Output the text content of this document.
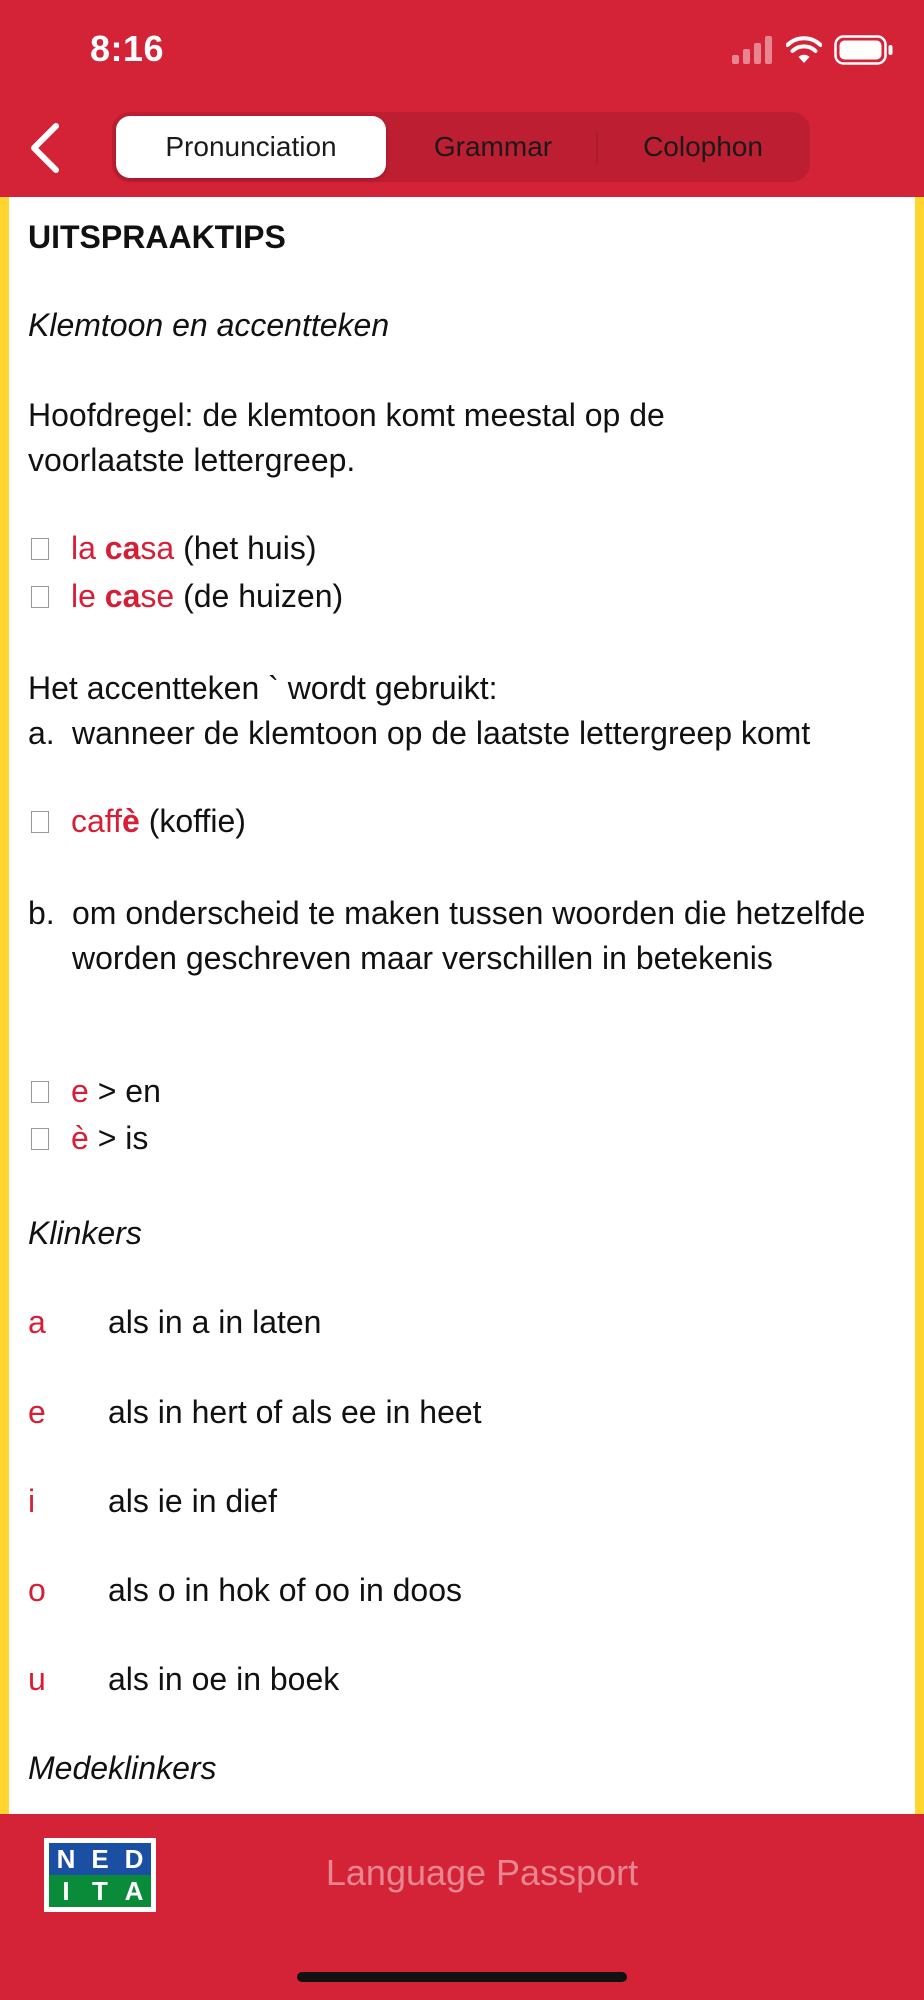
8:16
Pronunciation	Grammar	Colophon
UITSPRAAKTIPS
Klemtoon en accentteken
Hoofdregel: de klemtoon komt meestal op de voorlaatste lettergreep.
la casa (het huis)
le case (de huizen)
Het accentteken ` wordt gebruikt:
a. wanneer de klemtoon op de laatste lettergreep komt
caffè (koffie)
b. om onderscheid te maken tussen woorden die hetzelfde worden geschreven maar verschillen in betekenis
e > en
è > is
Klinkers
a	als in a in laten
e	als in hert of als ee in heet
i	als ie in dief
o	als o in hok of oo in doos
u	als in oe in boek
Medeklinkers
N E D
I T A	Language Passport
